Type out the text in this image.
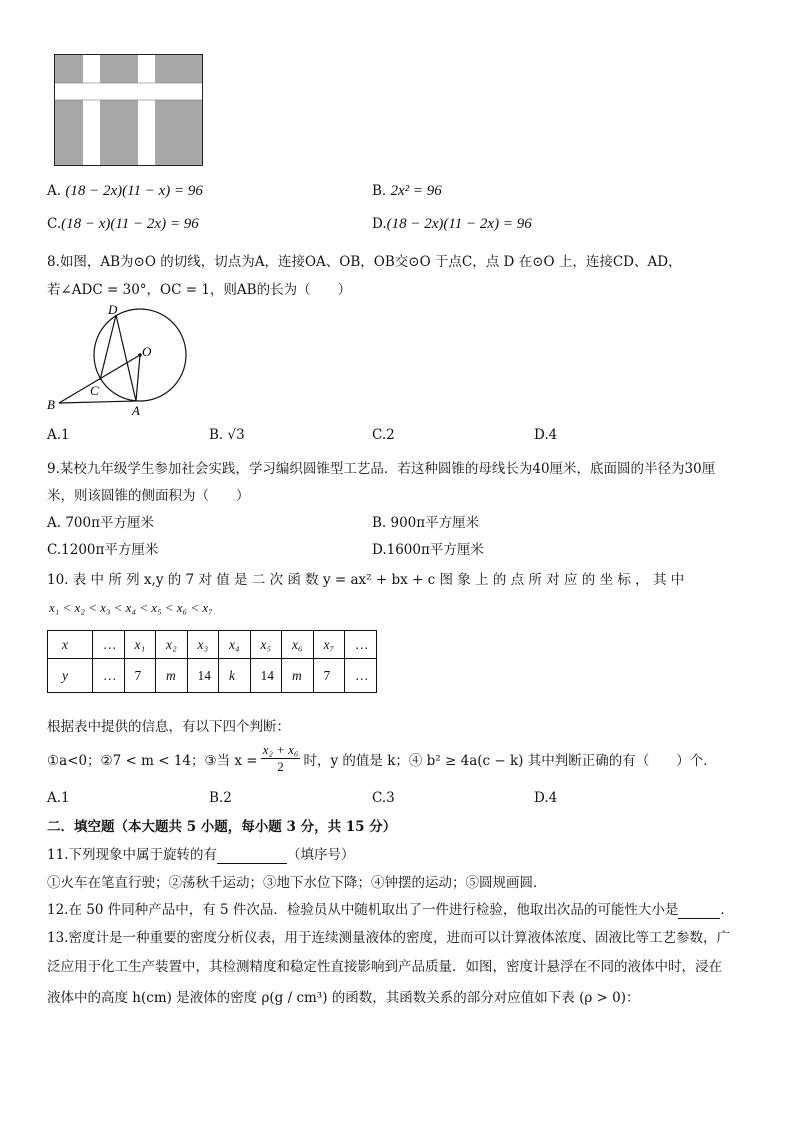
A. (18 − 2x)(11 − x) = 96	B. 2x² = 96
C.(18 − x)(11 − 2x) = 96	D.(18 − 2x)(11 − 2x) = 96
8.如图，AB为⊙O 的切线，切点为A，连接OA、OB，OB交⊙O 于点C，点 D 在⊙O 上，连接CD、AD，
若∠ADC = 30°，OC = 1，则AB的长为（　　）
D
O
C
B	A
A.1	B. √3	C.2	D.4
9.某校九年级学生参加社会实践，学习编织圆锥型工艺品．若这种圆锥的母线长为40厘米，底面圆的半径为30厘
米，则该圆锥的侧面积为（　　）
A. 700π平方厘米	B. 900π平方厘米
C.1200π平方厘米	D.1600π平方厘米
10. 表 中 所 列 x,y 的 7 对 值 是 二 次 函 数 y = ax² + bx + c 图 象 上 的 点 所 对 应 的 坐 标 ， 其 中
x₁ < x₂ < x₃ < x₄ < x₅ < x₆ < x₇
x	…	x₁	x₂	x₃	x₄	x₅	x₆	x₇	…
y	…	7	m	14	k	14	m	7	…
根据表中提供的信息，有以下四个判断：
①a<0；②7 < m < 14；③当 $x = \frac{\text{x₂ + x₆}}{2}$ 时，y 的值是 k；④ b² ≥ 4a(c − k) 其中判断正确的有（　　）个．
A.1	B.2	C.3	D.4
二．填空题（本大题共 5 小题，每小题 3 分，共 15 分）
11.下列现象中属于旋转的有	（填序号）
①火车在笔直行驶；②荡秋千运动；③地下水位下降；④钟摆的运动；⑤圆规画圆．
12.在 50 件同种产品中，有 5 件次品．检验员从中随机取出了一件进行检验，他取出次品的可能性大小是	．
13.密度计是一种重要的密度分析仪表，用于连续测量液体的密度，进而可以计算液体浓度、固液比等工艺参数，广
泛应用于化工生产装置中，其检测精度和稳定性直接影响到产品质量．如图，密度计悬浮在不同的液体中时，浸在
液体中的高度 h(cm) 是液体的密度 ρ(g / cm³) 的函数，其函数关系的部分对应值如下表 (ρ > 0)：
